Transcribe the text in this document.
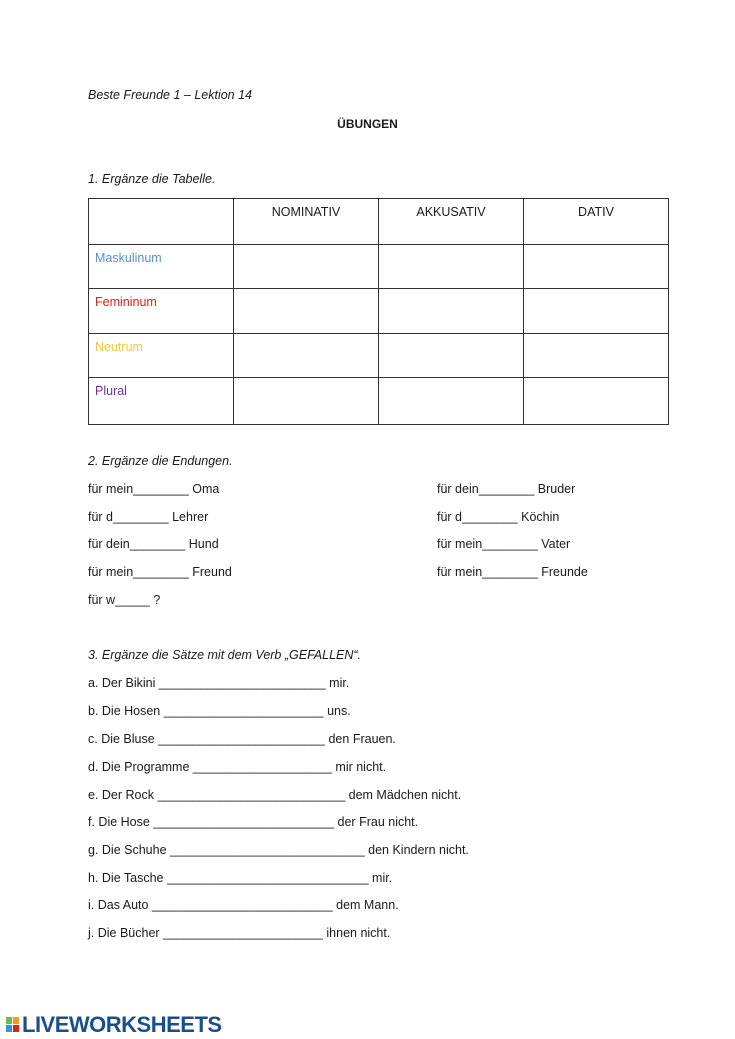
Beste Freunde 1 – Lektion 14
ÜBUNGEN
1. Ergänze die Tabelle.
	NOMINATIV	AKKUSATIV	DATIV
Maskulinum			
Femininum			
Neutrum			
Plural			
2. Ergänze die Endungen.
für mein________ Oma
für d________ Lehrer
für dein________ Hund
für mein________ Freund
für w_____ ?
für dein________ Bruder
für d________ Köchin
für mein________ Vater
für mein________ Freunde
3. Ergänze die Sätze mit dem Verb „GEFALLEN“.
a. Der Bikini ________________________ mir.
b. Die Hosen _______________________ uns.
c. Die Bluse ________________________ den Frauen.
d. Die Programme ____________________ mir nicht.
e. Der Rock ___________________________ dem Mädchen nicht.
f. Die Hose __________________________ der Frau nicht.
g. Die Schuhe ____________________________ den Kindern nicht.
h. Die Tasche _____________________________ mir.
i. Das Auto __________________________ dem Mann.
j. Die Bücher _______________________ ihnen nicht.
LIVEWORKSHEETS
